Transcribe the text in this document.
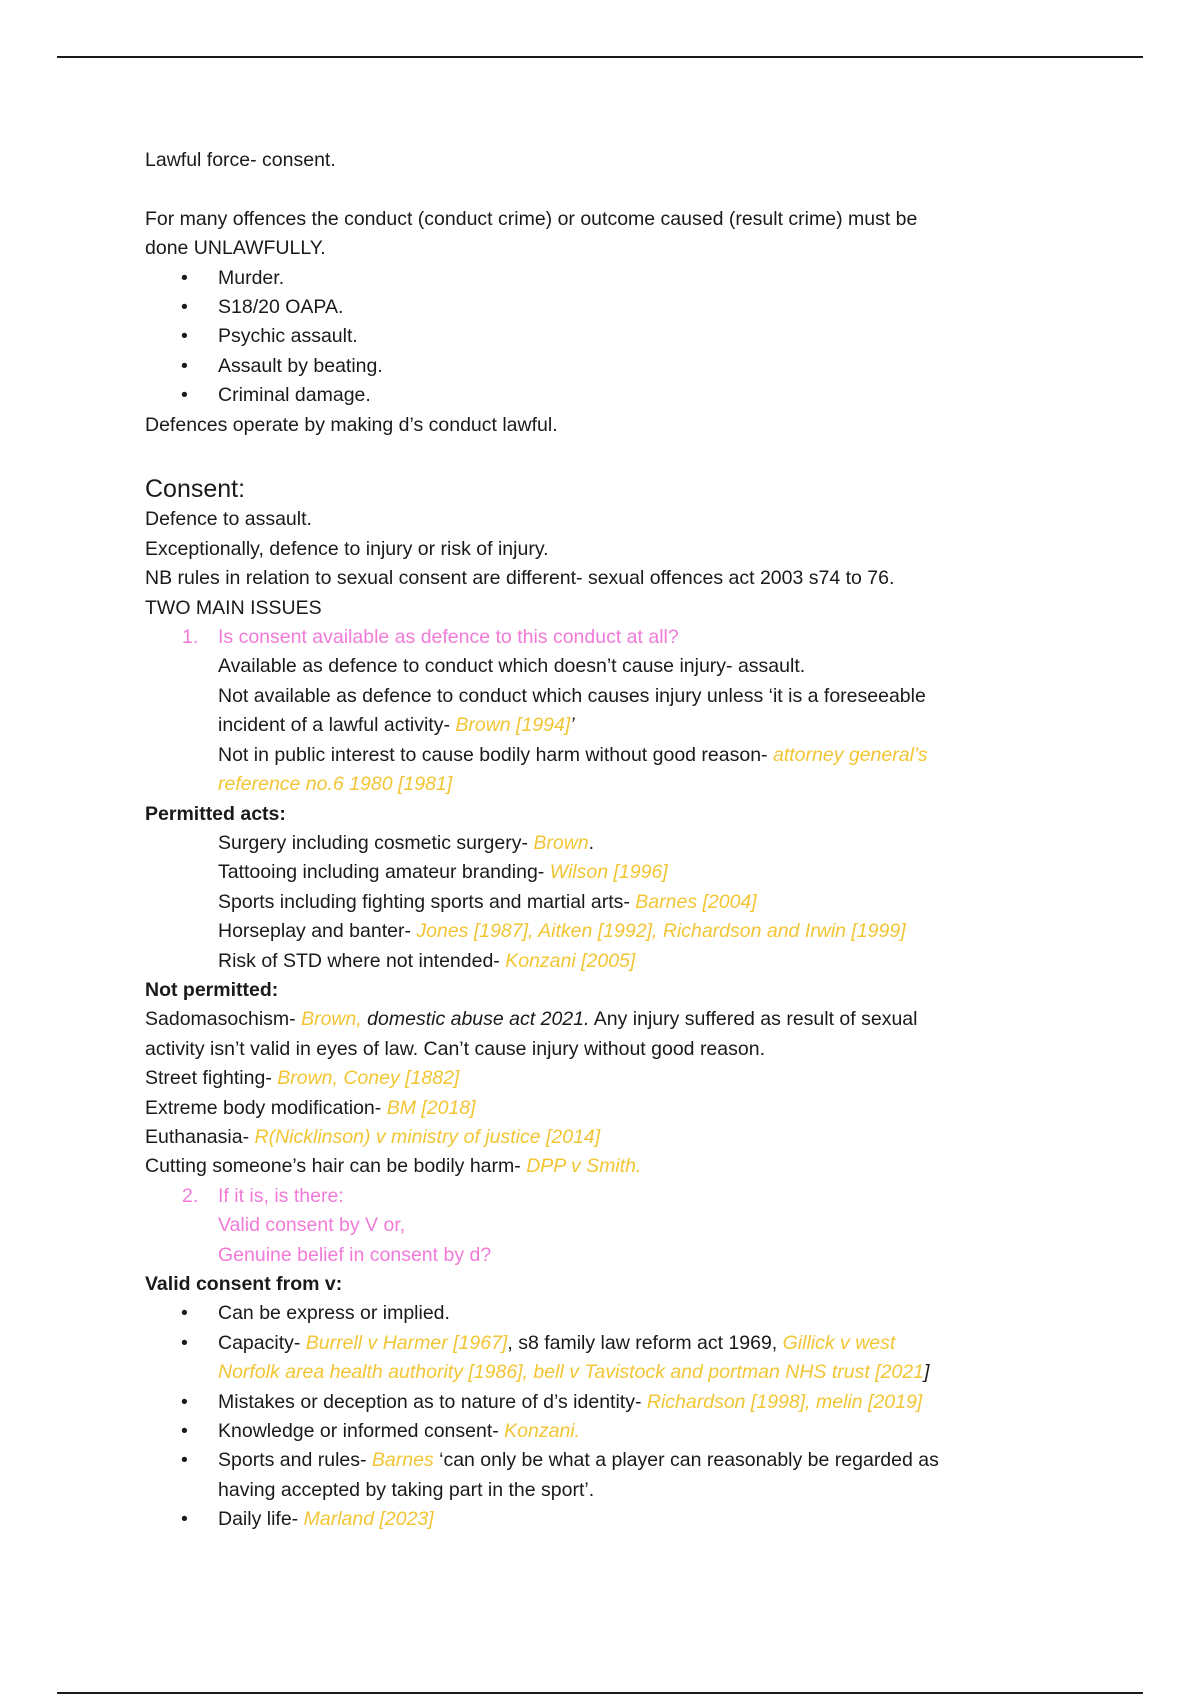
Lawful force- consent.
For many offences the conduct (conduct crime) or outcome caused (result crime) must be
done UNLAWFULLY.
• Murder.
• S18/20 OAPA.
• Psychic assault.
• Assault by beating.
• Criminal damage.
Defences operate by making d’s conduct lawful.
Consent:
Defence to assault.
Exceptionally, defence to injury or risk of injury.
NB rules in relation to sexual consent are different- sexual offences act 2003 s74 to 76.
TWO MAIN ISSUES
1. Is consent available as defence to this conduct at all?
Available as defence to conduct which doesn’t cause injury- assault.
Not available as defence to conduct which causes injury unless ‘it is a foreseeable
incident of a lawful activity- Brown [1994]’
Not in public interest to cause bodily harm without good reason- attorney general’s
reference no.6 1980 [1981]
Permitted acts:
Surgery including cosmetic surgery- Brown.
Tattooing including amateur branding- Wilson [1996]
Sports including fighting sports and martial arts- Barnes [2004]
Horseplay and banter- Jones [1987], Aitken [1992], Richardson and Irwin [1999]
Risk of STD where not intended- Konzani [2005]
Not permitted:
Sadomasochism- Brown, domestic abuse act 2021. Any injury suffered as result of sexual
activity isn’t valid in eyes of law. Can’t cause injury without good reason.
Street fighting- Brown, Coney [1882]
Extreme body modification- BM [2018]
Euthanasia- R(Nicklinson) v ministry of justice [2014]
Cutting someone’s hair can be bodily harm- DPP v Smith.
2. If it is, is there:
Valid consent by V or,
Genuine belief in consent by d?
Valid consent from v:
• Can be express or implied.
• Capacity- Burrell v Harmer [1967], s8 family law reform act 1969, Gillick v west
Norfolk area health authority [1986], bell v Tavistock and portman NHS trust [2021]
• Mistakes or deception as to nature of d’s identity- Richardson [1998], melin [2019]
• Knowledge or informed consent- Konzani.
• Sports and rules- Barnes ‘can only be what a player can reasonably be regarded as
having accepted by taking part in the sport’.
• Daily life- Marland [2023]
